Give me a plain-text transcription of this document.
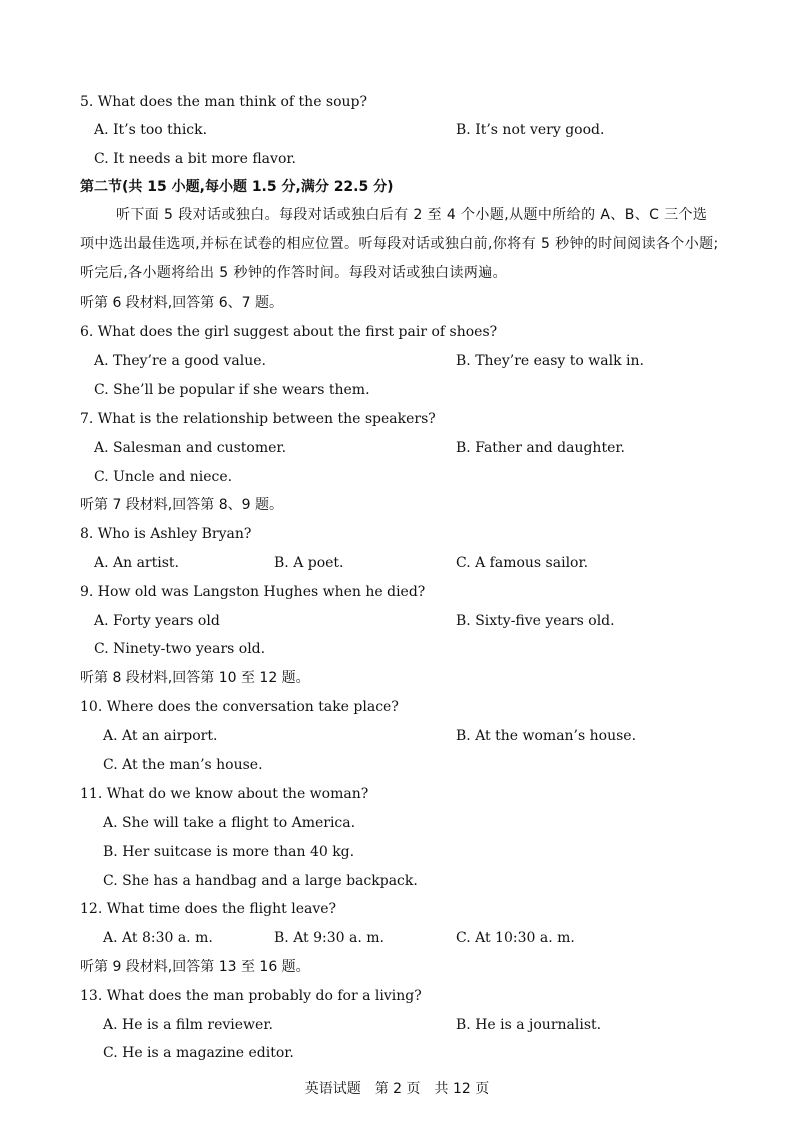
5. What does the man think of the soup?
A. It’s too thick.	B. It’s not very good.
C. It needs a bit more flavor.
第二节(共 15 小题,每小题 1.5 分,满分 22.5 分)
听下面 5 段对话或独白。每段对话或独白后有 2 至 4 个小题,从题中所给的 A、B、C 三个选项中选出最佳选项,并标在试卷的相应位置。听每段对话或独白前,你将有 5 秒钟的时间阅读各个小题;听完后,各小题将给出 5 秒钟的作答时间。每段对话或独白读两遍。
听第 6 段材料,回答第 6、7 题。
6. What does the girl suggest about the first pair of shoes?
A. They’re a good value.	B. They’re easy to walk in.
C. She’ll be popular if she wears them.
7. What is the relationship between the speakers?
A. Salesman and customer.	B. Father and daughter.
C. Uncle and niece.
听第 7 段材料,回答第 8、9 题。
8. Who is Ashley Bryan?
A. An artist.	B. A poet.	C. A famous sailor.
9. How old was Langston Hughes when he died?
A. Forty years old	B. Sixty-five years old.
C. Ninety-two years old.
听第 8 段材料,回答第 10 至 12 题。
10. Where does the conversation take place?
A. At an airport.	B. At the woman’s house.
C. At the man’s house.
11. What do we know about the woman?
A. She will take a flight to America.
B. Her suitcase is more than 40 kg.
C. She has a handbag and a large backpack.
12. What time does the flight leave?
A. At 8:30 a. m.	B. At 9:30 a. m.	C. At 10:30 a. m.
听第 9 段材料,回答第 13 至 16 题。
13. What does the man probably do for a living?
A. He is a film reviewer.	B. He is a journalist.
C. He is a magazine editor.
英语试题　第 2 页　共 12 页
